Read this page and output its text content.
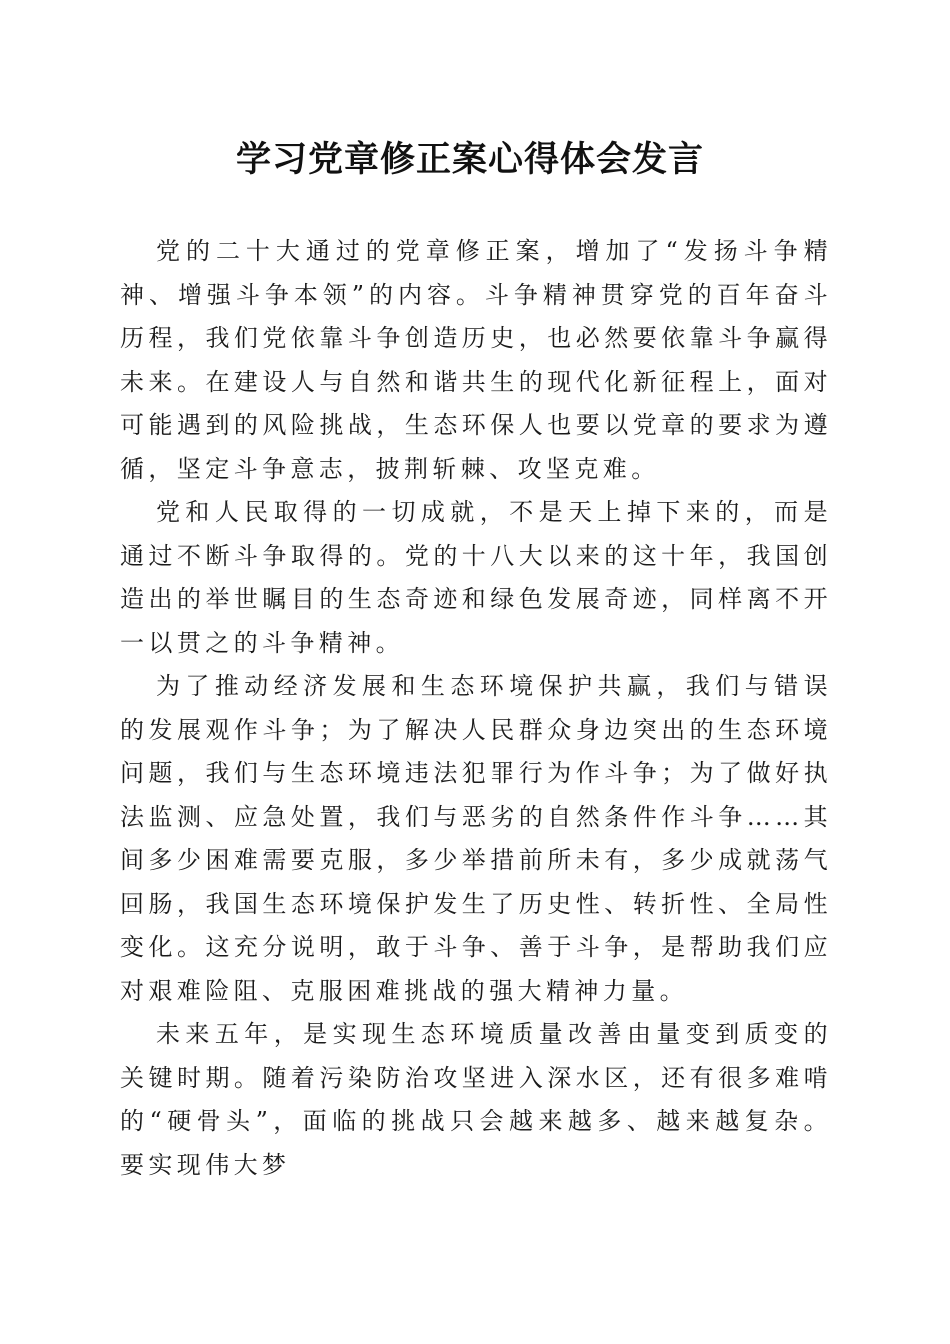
学习党章修正案心得体会发言

党的二十大通过的党章修正案，增加了“发扬斗争精神、增强斗争本领”的内容。斗争精神贯穿党的百年奋斗历程，我们党依靠斗争创造历史，也必然要依靠斗争赢得未来。在建设人与自然和谐共生的现代化新征程上，面对可能遇到的风险挑战，生态环保人也要以党章的要求为遵循，坚定斗争意志，披荆斩棘、攻坚克难。

党和人民取得的一切成就，不是天上掉下来的，而是通过不断斗争取得的。党的十八大以来的这十年，我国创造出的举世瞩目的生态奇迹和绿色发展奇迹，同样离不开一以贯之的斗争精神。

为了推动经济发展和生态环境保护共赢，我们与错误的发展观作斗争；为了解决人民群众身边突出的生态环境问题，我们与生态环境违法犯罪行为作斗争；为了做好执法监测、应急处置，我们与恶劣的自然条件作斗争……其间多少困难需要克服，多少举措前所未有，多少成就荡气回肠，我国生态环境保护发生了历史性、转折性、全局性变化。这充分说明，敢于斗争、善于斗争，是帮助我们应对艰难险阻、克服困难挑战的强大精神力量。

未来五年，是实现生态环境质量改善由量变到质变的关键时期。随着污染防治攻坚进入深水区，还有很多难啃的“硬骨头”，面临的挑战只会越来越多、越来越复杂。要实现伟大梦
